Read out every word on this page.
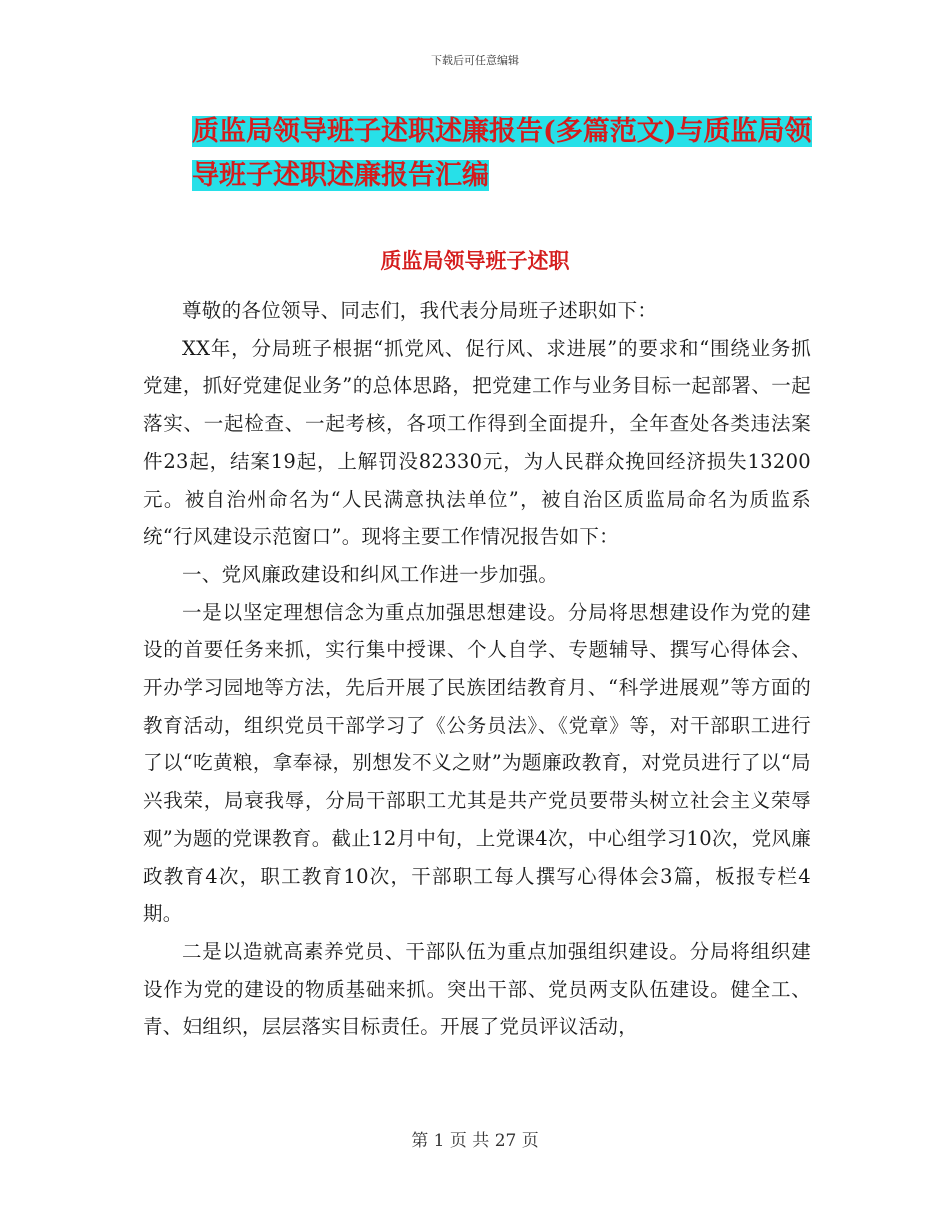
下载后可任意编辑
质监局领导班子述职述廉报告(多篇范文)与质监局领
导班子述职述廉报告汇编
质监局领导班子述职

尊敬的各位领导、同志们，我代表分局班子述职如下：

XX年，分局班子根据“抓党风、促行风、求进展”的要求和“围绕业务抓党建，抓好党建促业务”的总体思路，把党建工作与业务目标一起部署、一起落实、一起检查、一起考核，各项工作得到全面提升，全年查处各类违法案件23起，结案19起，上解罚没82330元，为人民群众挽回经济损失13200元。被自治州命名为“人民满意执法单位”，被自治区质监局命名为质监系统“行风建设示范窗口”。现将主要工作情况报告如下：

一、党风廉政建设和纠风工作进一步加强。

一是以坚定理想信念为重点加强思想建设。分局将思想建设作为党的建设的首要任务来抓，实行集中授课、个人自学、专题辅导、撰写心得体会、开办学习园地等方法，先后开展了民族团结教育月、“科学进展观”等方面的教育活动，组织党员干部学习了《公务员法》、《党章》等，对干部职工进行了以“吃黄粮，拿奉禄，别想发不义之财”为题廉政教育，对党员进行了以“局兴我荣，局衰我辱，分局干部职工尤其是共产党员要带头树立社会主义荣辱观”为题的党课教育。截止12月中旬，上党课4次，中心组学习10次，党风廉政教育4次，职工教育10次，干部职工每人撰写心得体会3篇，板报专栏4期。

二是以造就高素养党员、干部队伍为重点加强组织建设。分局将组织建设作为党的建设的物质基础来抓。突出干部、党员两支队伍建设。健全工、青、妇组织，层层落实目标责任。开展了党员评议活动，

第 1 页 共 27 页
